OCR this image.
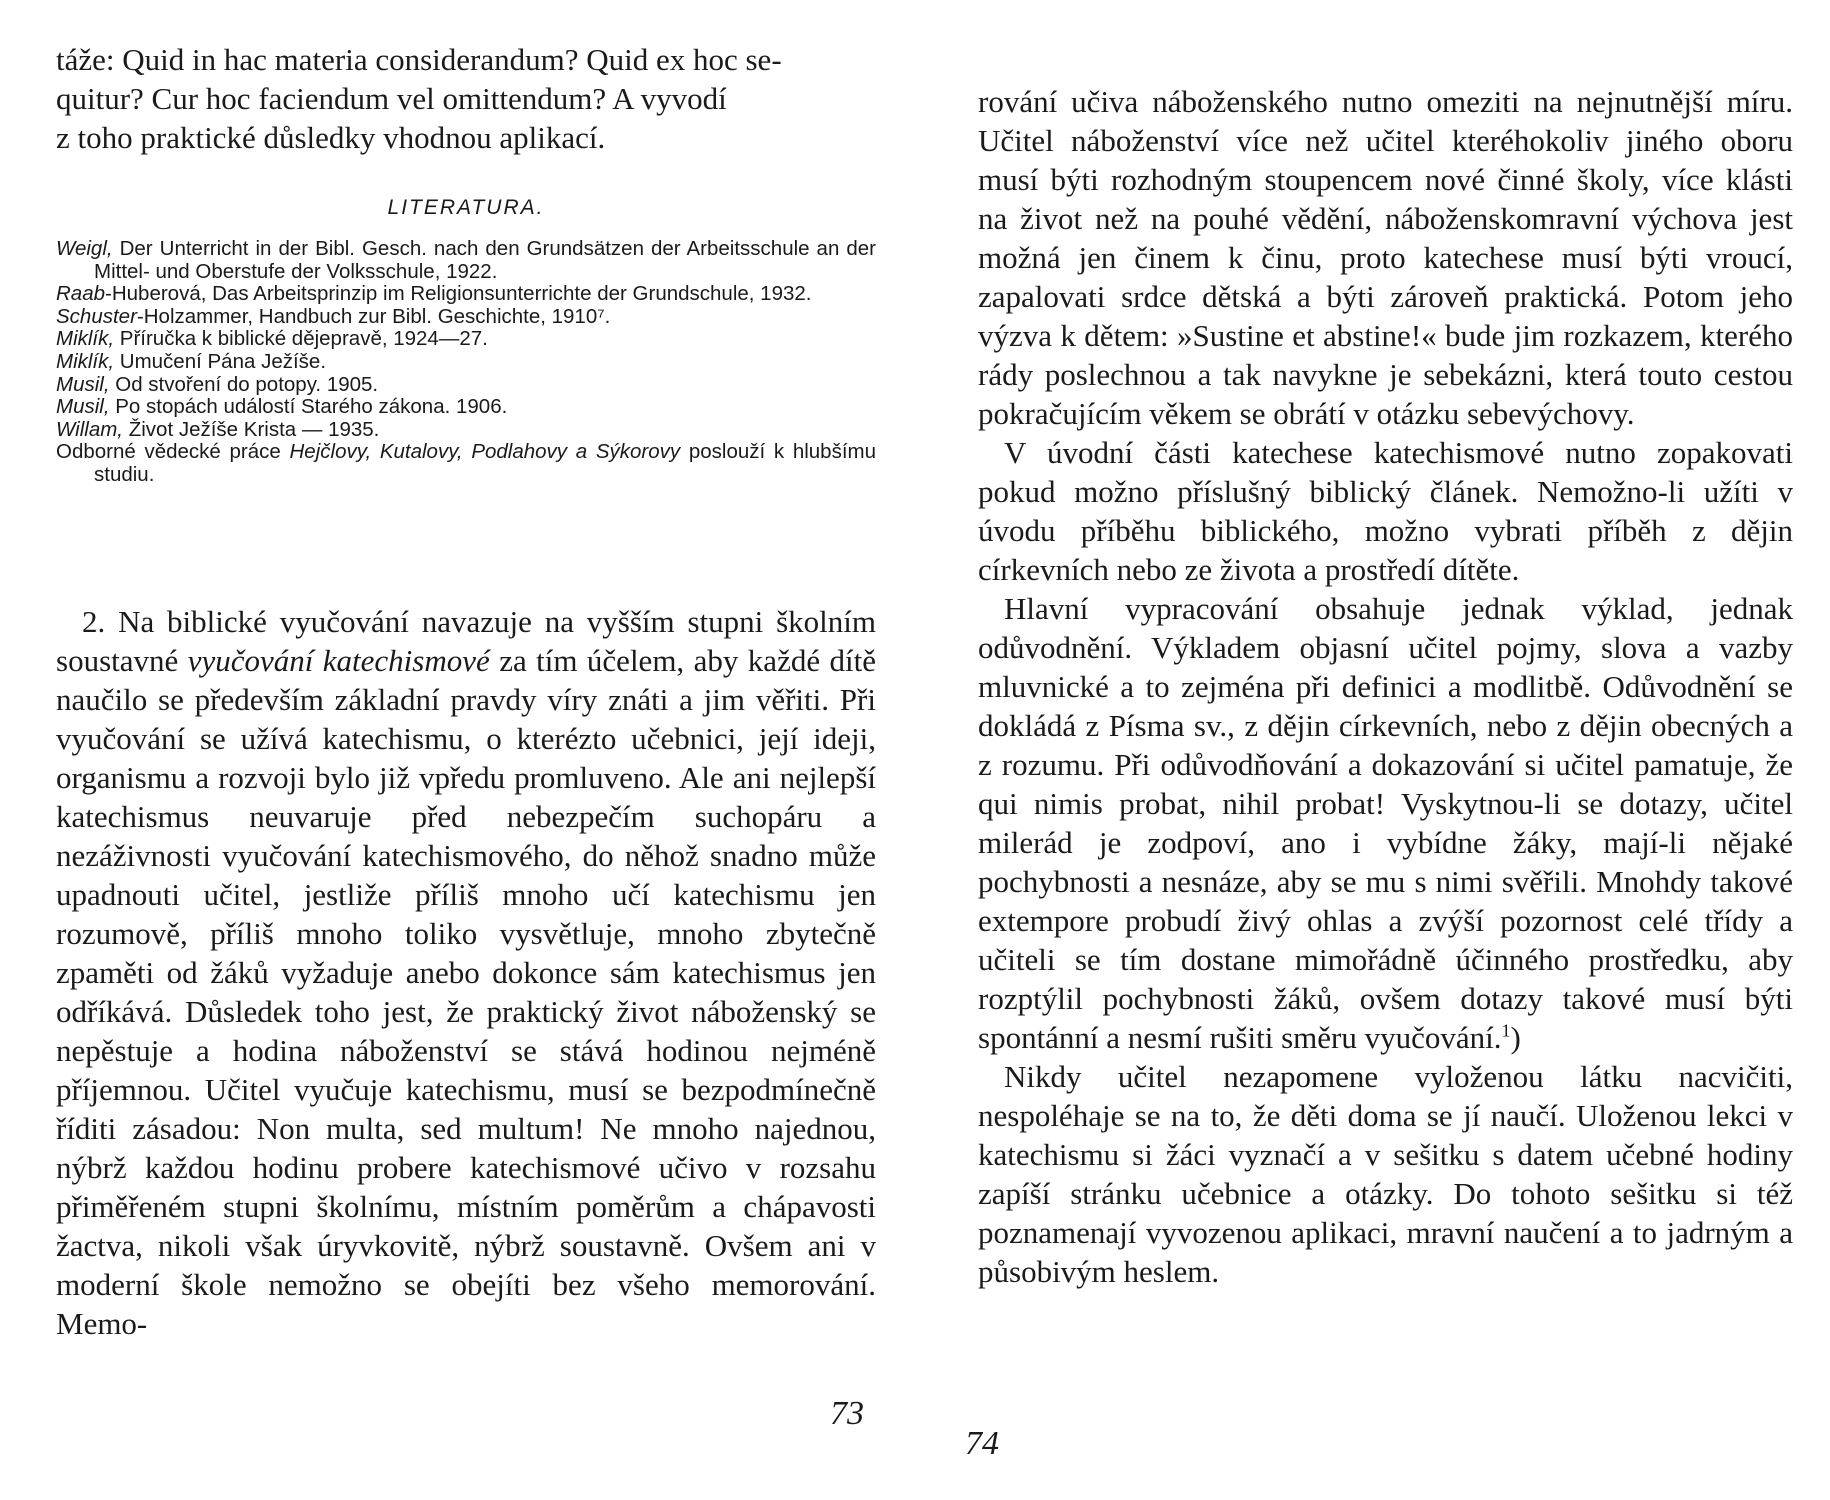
táže: Quid in hac materia considerandum? Quid ex hoc se-
quitur? Cur hoc faciendum vel omittendum? A vyvodí
z toho praktické důsledky vhodnou aplikací.

LITERATURA.

Weigl, Der Unterricht in der Bibl. Gesch. nach den Grundsätzen der Arbeitsschule an der Mittel- und Oberstufe der Volksschule, 1922.
Raab-Huberová, Das Arbeitsprinzip im Religionsunterrichte der Grundschule, 1932.
Schuster-Holzammer, Handbuch zur Bibl. Geschichte, 1910⁷.
Miklík, Příručka k biblické dějepravě, 1924—27.
Miklík, Umučení Pána Ježíše.
Musil, Od stvoření do potopy. 1905.
Musil, Po stopách událostí Starého zákona. 1906.
Willam, Život Ježíše Krista — 1935.
Odborné vědecké práce Hejčlovy, Kutalovy, Podlahovy a Sýkorovy poslouží k hlubšímu studiu.

2. Na biblické vyučování navazuje na vyšším stupni školním soustavné vyučování katechismové za tím účelem, aby každé dítě naučilo se především základní pravdy víry znáti a jim věřiti. Při vyučování se užívá katechismu, o kterézto učebnici, její ideji, organismu a rozvoji bylo již vpředu promluveno. Ale ani nejlepší katechismus neuvaruje před nebezpečím suchopáru a nezáživnosti vyučování katechismového, do něhož snadno může upadnouti učitel, jestliže příliš mnoho učí katechismu jen rozumově, příliš mnoho toliko vysvětluje, mnoho zbytečně zpaměti od žáků vyžaduje anebo dokonce sám katechismus jen odříkává. Důsledek toho jest, že praktický život náboženský se nepěstuje a hodina náboženství se stává hodinou nejméně příjemnou. Učitel vyučuje katechismu, musí se bezpodmínečně říditi zásadou: Non multa, sed multum! Ne mnoho najednou, nýbrž každou hodinu probere katechismové učivo v rozsahu přiměřeném stupni školnímu, místním poměrům a chápavosti žactva, nikoli však úryvkovitě, nýbrž soustavně. Ovšem ani v moderní škole nemožno se obejíti bez všeho memorování. Memo-

73

rování učiva náboženského nutno omeziti na nejnutnější míru. Učitel náboženství více než učitel kteréhokoliv jiného oboru musí býti rozhodným stoupencem nové činné školy, více klásti na život než na pouhé vědění, náboženskomravní výchova jest možná jen činem k činu, proto katechese musí býti vroucí, zapalovati srdce dětská a býti zároveň praktická. Potom jeho výzva k dětem: »Sustine et abstine!« bude jim rozkazem, kterého rády poslechnou a tak navykne je sebekázni, která touto cestou pokračujícím věkem se obrátí v otázku sebevýchovy.

V úvodní části katechese katechismové nutno zopakovati pokud možno příslušný biblický článek. Nemožno-li užíti v úvodu příběhu biblického, možno vybrati příběh z dějin církevních nebo ze života a prostředí dítěte.

Hlavní vypracování obsahuje jednak výklad, jednak odůvodnění. Výkladem objasní učitel pojmy, slova a vazby mluvnické a to zejména při definici a modlitbě. Odůvodnění se dokládá z Písma sv., z dějin církevních, nebo z dějin obecných a z rozumu. Při odůvodňování a dokazování si učitel pamatuje, že qui nimis probat, nihil probat! Vyskytnou-li se dotazy, učitel milerád je zodpoví, ano i vybídne žáky, mají-li nějaké pochybnosti a nesnáze, aby se mu s nimi svěřili. Mnohdy takové extempore probudí živý ohlas a zvýší pozornost celé třídy a učiteli se tím dostane mimořádně účinného prostředku, aby rozptýlil pochybnosti žáků, ovšem dotazy takové musí býti spontánní a nesmí rušiti směru vyučování.$^1$)

Nikdy učitel nezapomene vyloženou látku nacvičiti, nespoléhaje se na to, že děti doma se jí naučí. Uloženou lekci v katechismu si žáci vyznačí a v sešitku s datem učebné hodiny zapíší stránku učebnice a otázky. Do tohoto sešitku si též poznamenají vyvozenou aplikaci, mravní naučení a to jadrným a působivým heslem.

74
